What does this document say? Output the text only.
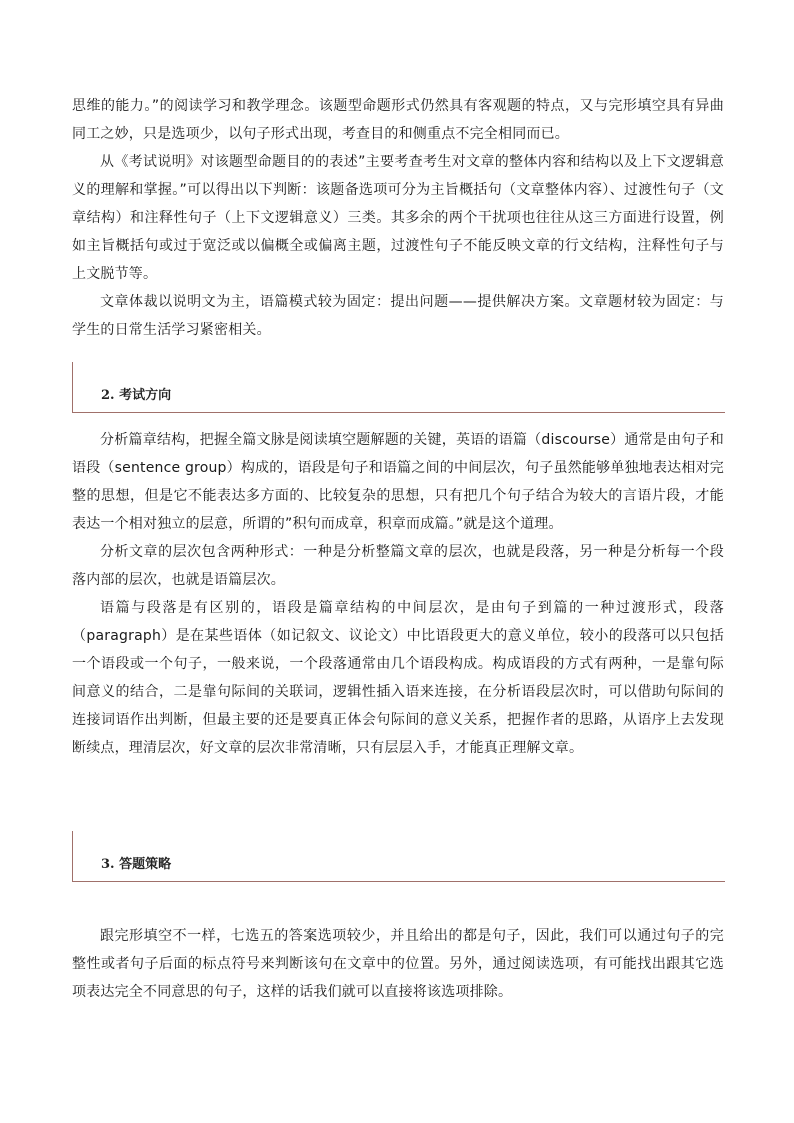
思维的能力。”的阅读学习和教学理念。该题型命题形式仍然具有客观题的特点，又与完形填空具有异曲同工之妙，只是选项少，以句子形式出现，考查目的和侧重点不完全相同而已。

从《考试说明》对该题型命题目的的表述”主要考查考生对文章的整体内容和结构以及上下文逻辑意义的理解和掌握。”可以得出以下判断：该题备选项可分为主旨概括句（文章整体内容）、过渡性句子（文章结构）和注释性句子（上下文逻辑意义）三类。其多余的两个干扰项也往往从这三方面进行设置，例如主旨概括句或过于宽泛或以偏概全或偏离主题，过渡性句子不能反映文章的行文结构，注释性句子与上文脱节等。

文章体裁以说明文为主，语篇模式较为固定：提出问题——提供解决方案。文章题材较为固定：与学生的日常生活学习紧密相关。

2. 考试方向

分析篇章结构，把握全篇文脉是阅读填空题解题的关键，英语的语篇（discourse）通常是由句子和语段（sentence group）构成的，语段是句子和语篇之间的中间层次，句子虽然能够单独地表达相对完整的思想，但是它不能表达多方面的、比较复杂的思想，只有把几个句子结合为较大的言语片段，才能表达一个相对独立的层意，所谓的”积句而成章，积章而成篇。”就是这个道理。

分析文章的层次包含两种形式：一种是分析整篇文章的层次，也就是段落，另一种是分析每一个段落内部的层次，也就是语篇层次。

语篇与段落是有区别的，语段是篇章结构的中间层次，是由句子到篇的一种过渡形式，段落（paragraph）是在某些语体（如记叙文、议论文）中比语段更大的意义单位，较小的段落可以只包括一个语段或一个句子，一般来说，一个段落通常由几个语段构成。构成语段的方式有两种，一是靠句际间意义的结合，二是靠句际间的关联词，逻辑性插入语来连接，在分析语段层次时，可以借助句际间的连接词语作出判断，但最主要的还是要真正体会句际间的意义关系，把握作者的思路，从语序上去发现断续点，理清层次，好文章的层次非常清晰，只有层层入手，才能真正理解文章。

3. 答题策略

跟完形填空不一样，七选五的答案选项较少，并且给出的都是句子，因此，我们可以通过句子的完整性或者句子后面的标点符号来判断该句在文章中的位置。另外，通过阅读选项，有可能找出跟其它选项表达完全不同意思的句子，这样的话我们就可以直接将该选项排除。
